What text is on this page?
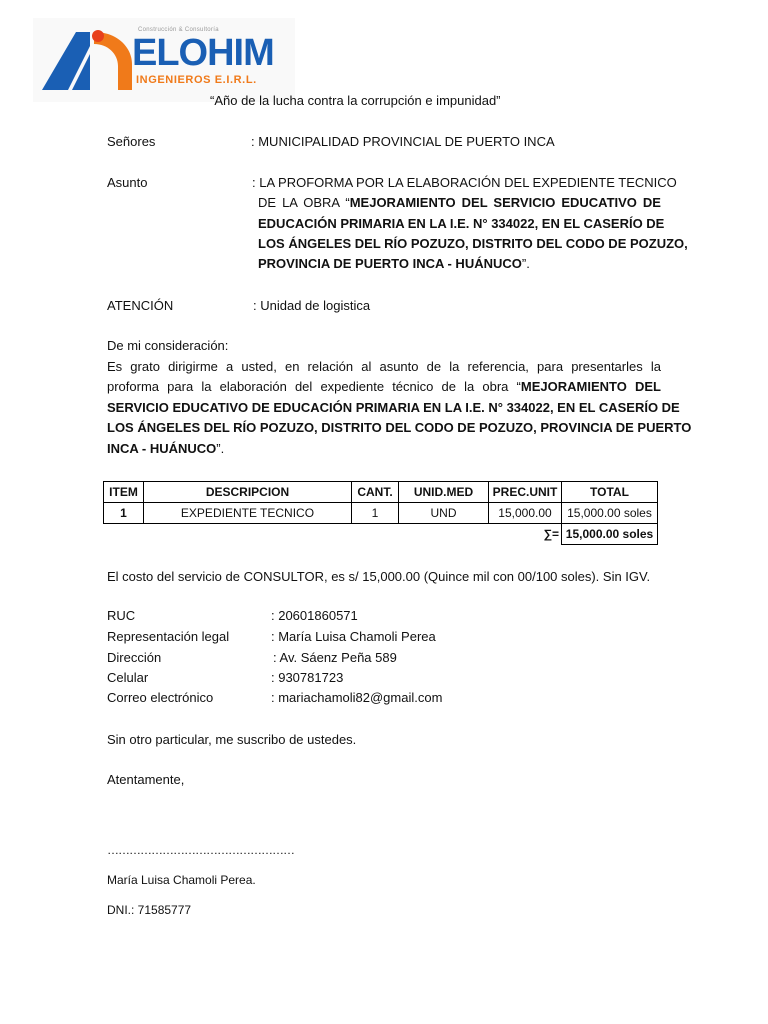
Construcción & Consultoría
ELOHIM
INGENIEROS E.I.R.L.
“Año de la lucha contra la corrupción e impunidad”
Señores	: MUNICIPALIDAD PROVINCIAL DE PUERTO INCA
Asunto	: LA PROFORMA POR LA ELABORACIÓN DEL EXPEDIENTE TECNICO
DE LA OBRA “MEJORAMIENTO DEL SERVICIO EDUCATIVO DE
EDUCACIÓN PRIMARIA EN LA I.E. N° 334022, EN EL CASERÍO DE
LOS ÁNGELES DEL RÍO POZUZO, DISTRITO DEL CODO DE POZUZO,
PROVINCIA DE PUERTO INCA - HUÁNUCO”.
ATENCIÓN	: Unidad de logistica
De mi consideración:
Es grato dirigirme a usted, en relación al asunto de la referencia, para presentarles la
proforma para la elaboración del expediente técnico de la obra “MEJORAMIENTO DEL
SERVICIO EDUCATIVO DE EDUCACIÓN PRIMARIA EN LA I.E. N° 334022, EN EL CASERÍO DE
LOS ÁNGELES DEL RÍO POZUZO, DISTRITO DEL CODO DE POZUZO, PROVINCIA DE PUERTO
INCA - HUÁNUCO”.
ITEM	DESCRIPCION	CANT.	UNID.MED	PREC.UNIT	TOTAL
1	EXPEDIENTE TECNICO	1	UND	15,000.00	15,000.00 soles
				∑=	15,000.00 soles
El costo del servicio de CONSULTOR, es s/ 15,000.00 (Quince mil con 00/100 soles). Sin IGV.
RUC	: 20601860571
Representación legal	: María Luisa Chamoli Perea
Dirección	: Av. Sáenz Peña 589
Celular	: 930781723
Correo electrónico	: mariachamoli82@gmail.com
Sin otro particular, me suscribo de ustedes.
Atentamente,
……………………………………………
María Luisa Chamoli Perea.
DNI.: 71585777
